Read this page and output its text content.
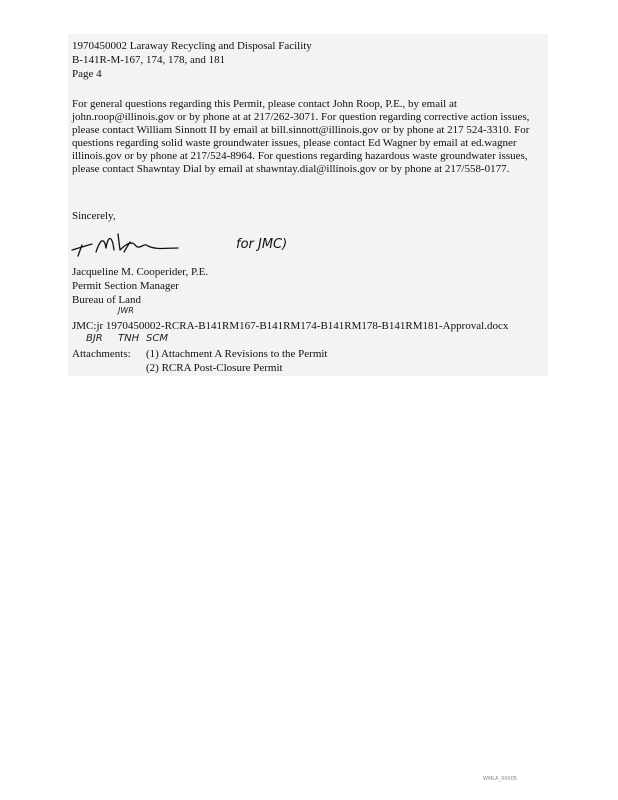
1970450002 Laraway Recycling and Disposal Facility
B-141R-M-167, 174, 178, and 181
Page 4
For general questions regarding this Permit, please contact John Roop, P.E., by email at john.roop@illinois.gov or by phone at at 217/262-3071. For question regarding corrective action issues, please contact William Sinnott II by email at bill.sinnott@illinois.gov or by phone at 217 524-3310. For questions regarding solid waste groundwater issues, please contact Ed Wagner by email at ed.wagner illinois.gov or by phone at 217/524-8964. For questions regarding hazardous waste groundwater issues, please contact Shawntay Dial by email at shawntay.dial@illinois.gov or by phone at 217/558-0177.
Sincerely,
for JMC)
Jacqueline M. Cooperider, P.E.
Permit Section Manager
Bureau of Land
JWR
JMC:jr 1970450002-RCRA-B141RM167-B141RM174-B141RM178-B141RM181-Approval.docx
BJR TNH SCM
Attachments: (1) Attachment A Revisions to the Permit
(2) RCRA Post-Closure Permit
WMLA_00005
